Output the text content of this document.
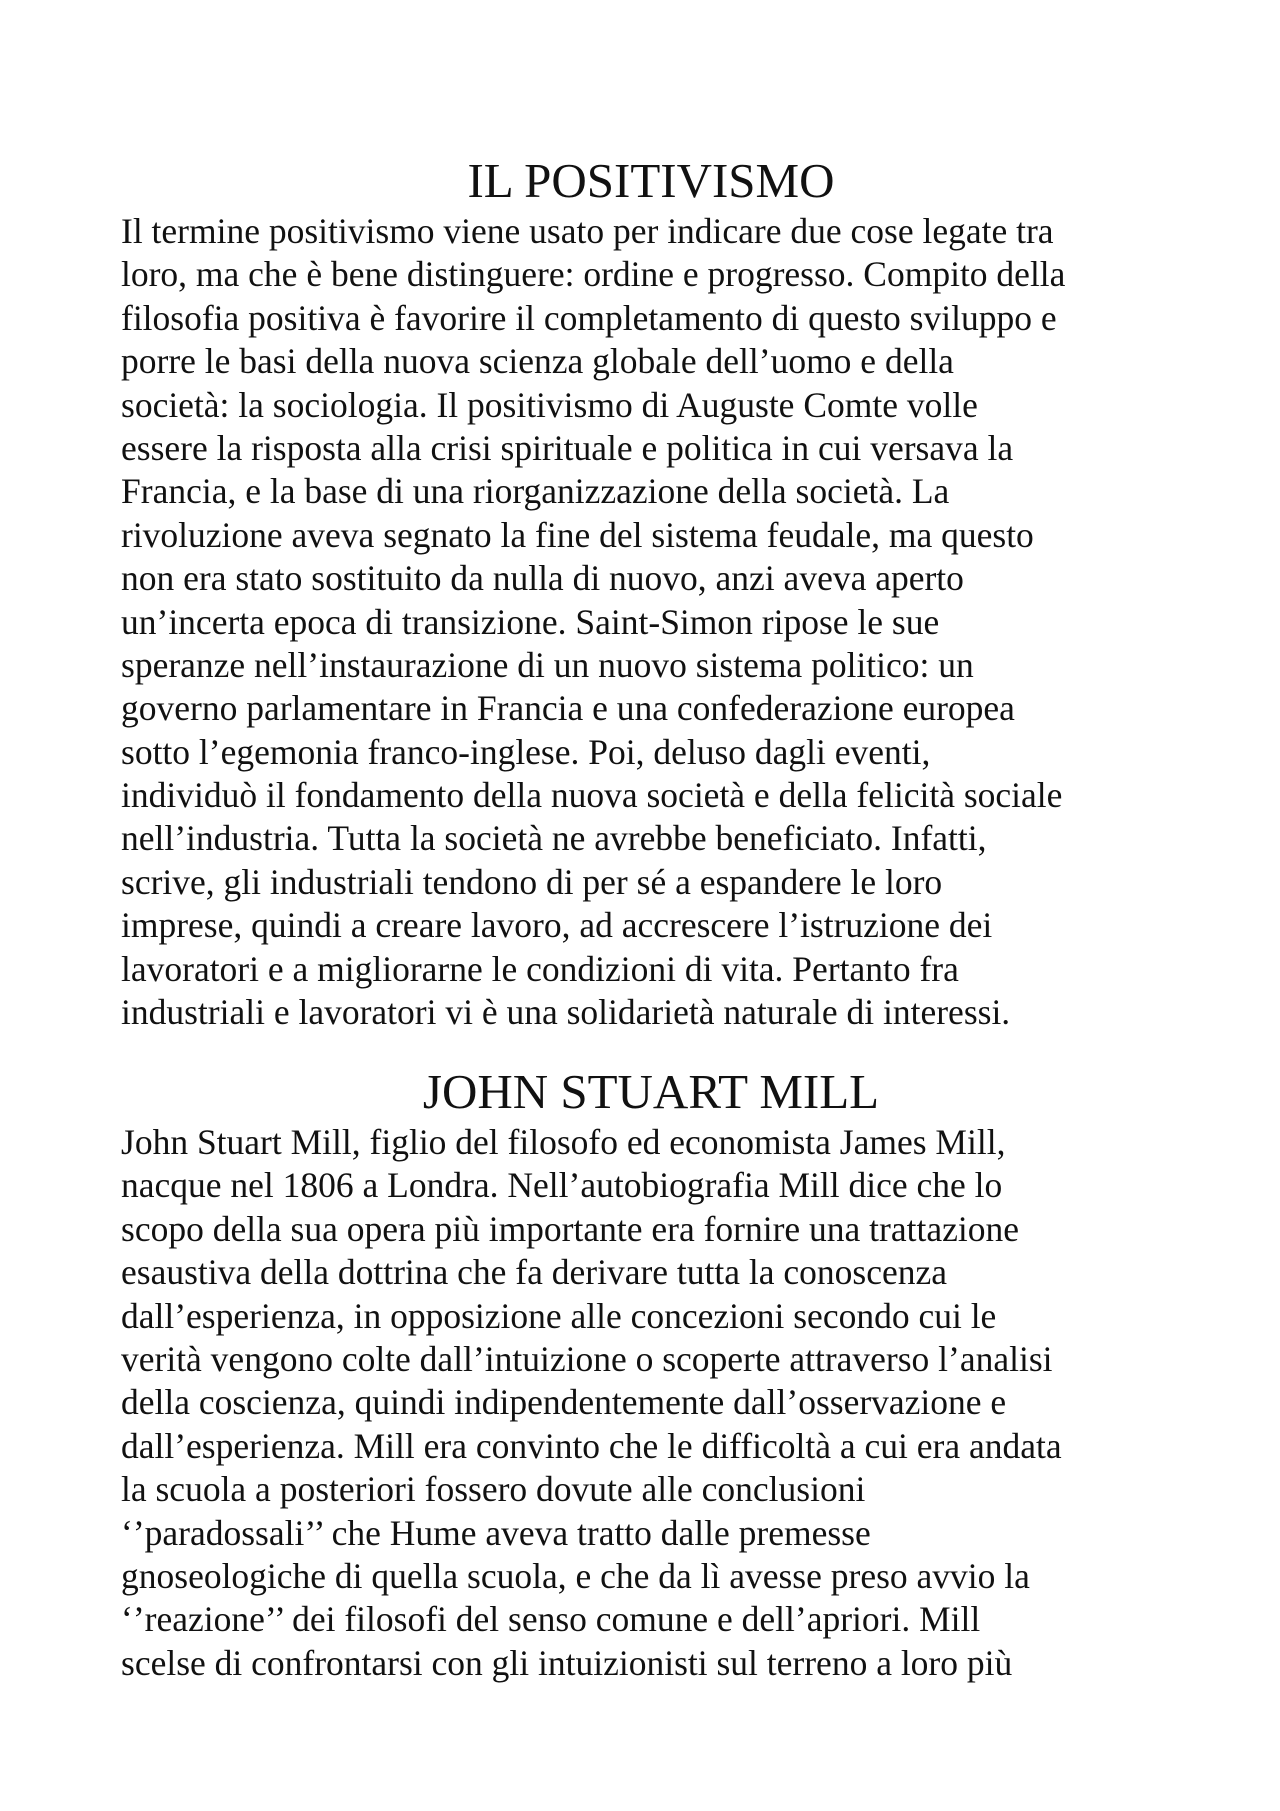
IL POSITIVISMO
Il termine positivismo viene usato per indicare due cose legate tra
loro, ma che è bene distinguere: ordine e progresso. Compito della
filosofia positiva è favorire il completamento di questo sviluppo e
porre le basi della nuova scienza globale dell’uomo e della
società: la sociologia. Il positivismo di Auguste Comte volle
essere la risposta alla crisi spirituale e politica in cui versava la
Francia, e la base di una riorganizzazione della società. La
rivoluzione aveva segnato la fine del sistema feudale, ma questo
non era stato sostituito da nulla di nuovo, anzi aveva aperto
un’incerta epoca di transizione. Saint-Simon ripose le sue
speranze nell’instaurazione di un nuovo sistema politico: un
governo parlamentare in Francia e una confederazione europea
sotto l’egemonia franco-inglese. Poi, deluso dagli eventi,
individuò il fondamento della nuova società e della felicità sociale
nell’industria. Tutta la società ne avrebbe beneficiato. Infatti,
scrive, gli industriali tendono di per sé a espandere le loro
imprese, quindi a creare lavoro, ad accrescere l’istruzione dei
lavoratori e a migliorarne le condizioni di vita. Pertanto fra
industriali e lavoratori vi è una solidarietà naturale di interessi.
JOHN STUART MILL
John Stuart Mill, figlio del filosofo ed economista James Mill,
nacque nel 1806 a Londra. Nell’autobiografia Mill dice che lo
scopo della sua opera più importante era fornire una trattazione
esaustiva della dottrina che fa derivare tutta la conoscenza
dall’esperienza, in opposizione alle concezioni secondo cui le
verità vengono colte dall’intuizione o scoperte attraverso l’analisi
della coscienza, quindi indipendentemente dall’osservazione e
dall’esperienza. Mill era convinto che le difficoltà a cui era andata
la scuola a posteriori fossero dovute alle conclusioni
‘’paradossali’’ che Hume aveva tratto dalle premesse
gnoseologiche di quella scuola, e che da lì avesse preso avvio la
‘’reazione’’ dei filosofi del senso comune e dell’apriori. Mill
scelse di confrontarsi con gli intuizionisti sul terreno a loro più
